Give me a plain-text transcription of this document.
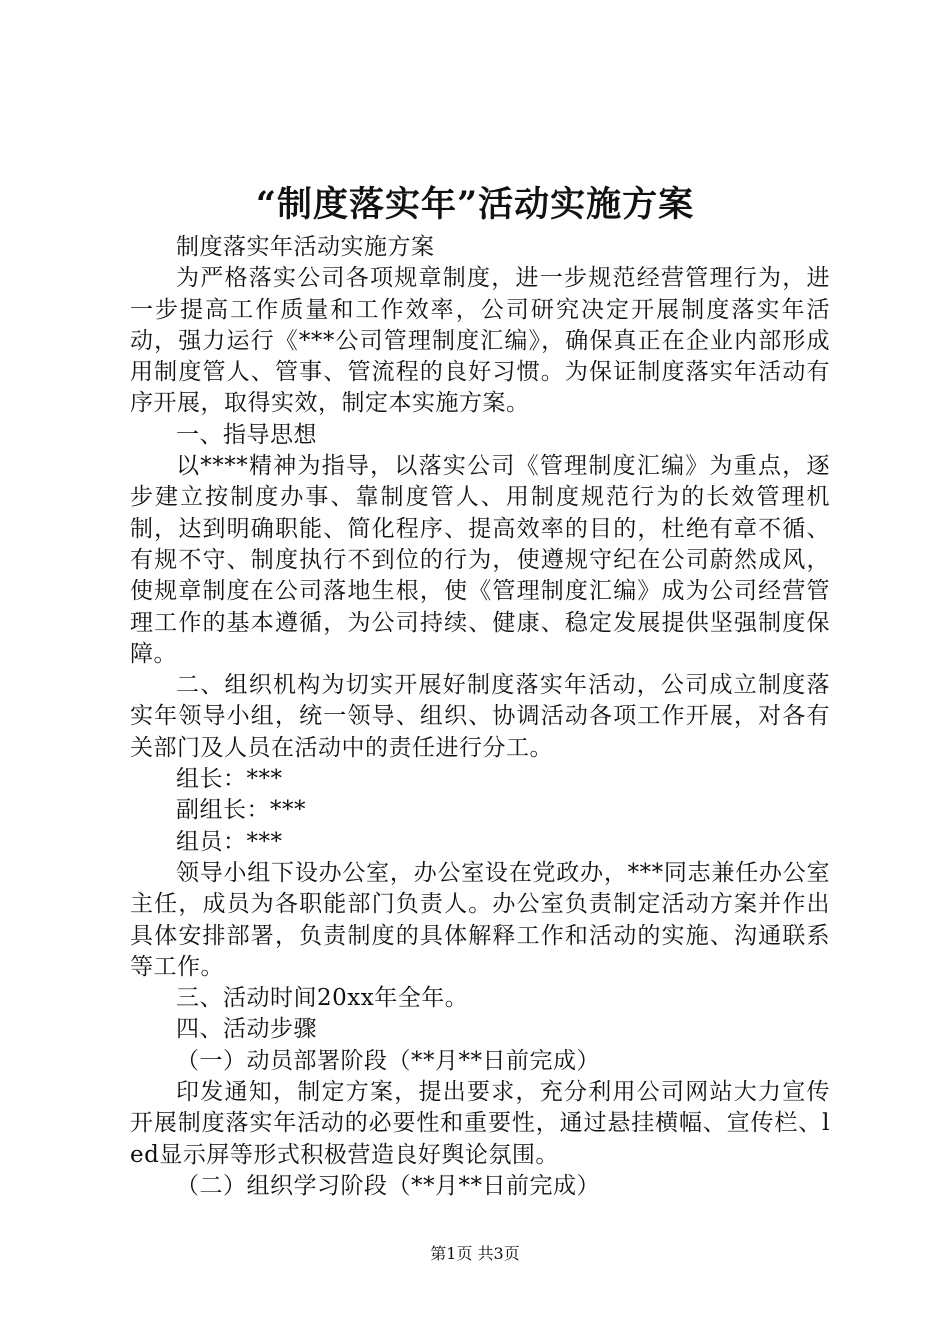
“制度落实年”活动实施方案

制度落实年活动实施方案

为严格落实公司各项规章制度，进一步规范经营管理行为，进一步提高工作质量和工作效率，公司研究决定开展制度落实年活动，强力运行《***公司管理制度汇编》，确保真正在企业内部形成用制度管人、管事、管流程的良好习惯。为保证制度落实年活动有序开展，取得实效，制定本实施方案。

一、指导思想

以****精神为指导，以落实公司《管理制度汇编》为重点，逐步建立按制度办事、靠制度管人、用制度规范行为的长效管理机制，达到明确职能、简化程序、提高效率的目的，杜绝有章不循、有规不守、制度执行不到位的行为，使遵规守纪在公司蔚然成风，使规章制度在公司落地生根，使《管理制度汇编》成为公司经营管理工作的基本遵循，为公司持续、健康、稳定发展提供坚强制度保障。

二、组织机构为切实开展好制度落实年活动，公司成立制度落实年领导小组，统一领导、组织、协调活动各项工作开展，对各有关部门及人员在活动中的责任进行分工。

组长：***

副组长：***

组员：***

领导小组下设办公室，办公室设在党政办，***同志兼任办公室主任，成员为各职能部门负责人。办公室负责制定活动方案并作出具体安排部署，负责制度的具体解释工作和活动的实施、沟通联系等工作。

三、活动时间20xx年全年。

四、活动步骤

（一）动员部署阶段（**月**日前完成）

印发通知，制定方案，提出要求，充分利用公司网站大力宣传开展制度落实年活动的必要性和重要性，通过悬挂横幅、宣传栏、led显示屏等形式积极营造良好舆论氛围。

（二）组织学习阶段（**月**日前完成）

第1页 共3页
